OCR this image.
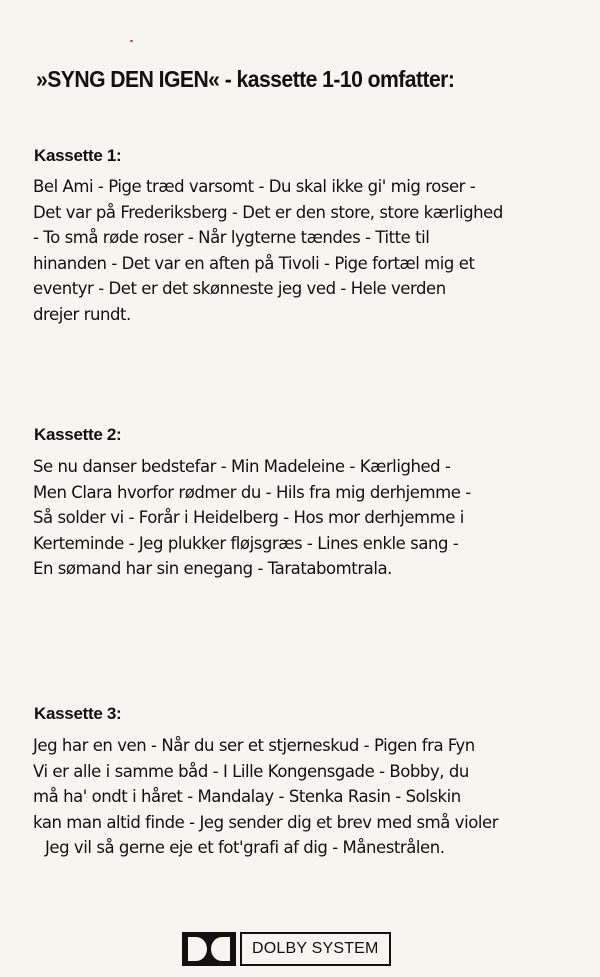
»SYNG DEN IGEN« - kassette 1-10 omfatter:
Kassette 1:
Bel Ami - Pige træd varsomt - Du skal ikke gi' mig roser -
Det var på Frederiksberg - Det er den store, store kærlighed
- To små røde roser - Når lygterne tændes - Titte til
hinanden - Det var en aften på Tivoli - Pige fortæl mig et
eventyr - Det er det skønneste jeg ved - Hele verden
drejer rundt.
Kassette 2:
Se nu danser bedstefar - Min Madeleine - Kærlighed -
Men Clara hvorfor rødmer du - Hils fra mig derhjemme -
Så solder vi - Forår i Heidelberg - Hos mor derhjemme i
Kerteminde - Jeg plukker fløjsgræs - Lines enkle sang -
En sømand har sin enegang - Taratabomtrala.
Kassette 3:
Jeg har en ven - Når du ser et stjerneskud - Pigen fra Fyn
Vi er alle i samme båd - I Lille Kongensgade - Bobby, du
må ha' ondt i håret - Mandalay - Stenka Rasin - Solskin
kan man altid finde - Jeg sender dig et brev med små violer
Jeg vil så gerne eje et fot'grafi af dig - Månestrålen.
DOLBY SYSTEM
